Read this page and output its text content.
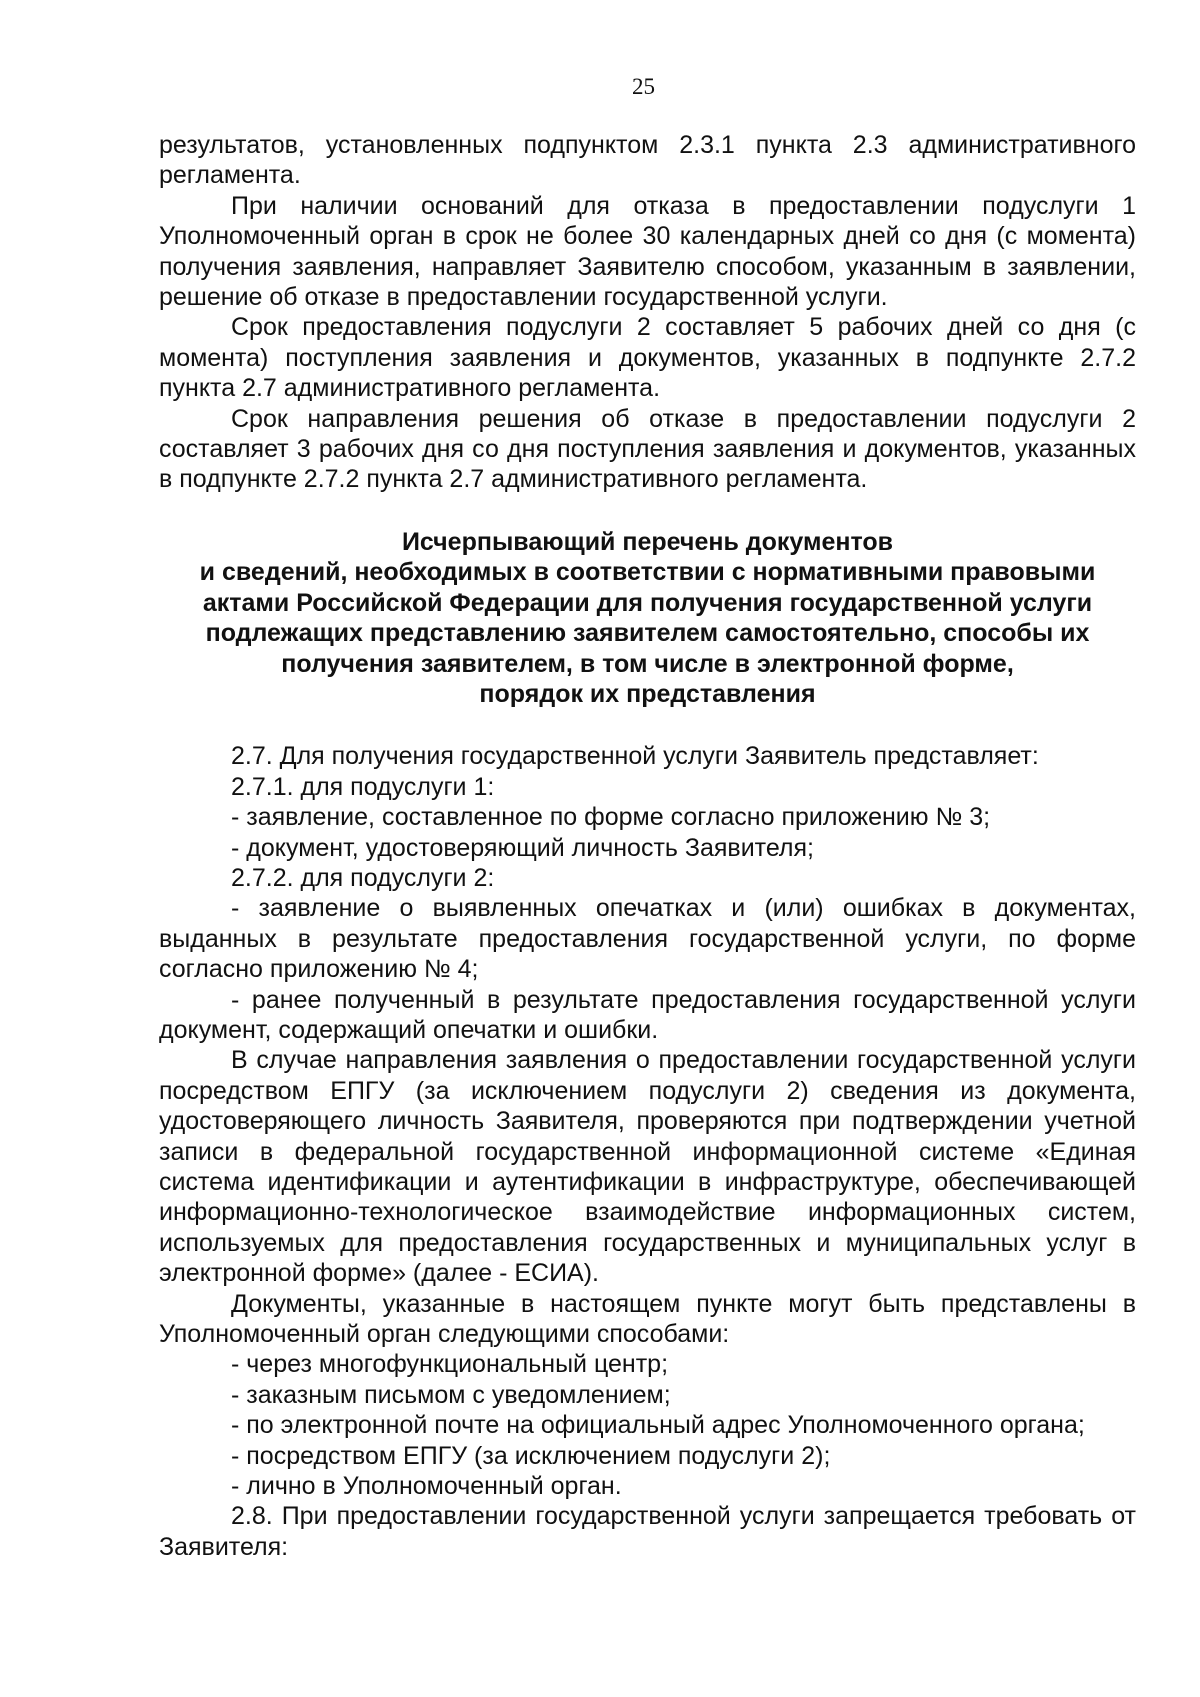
25

результатов, установленных подпунктом 2.3.1 пункта 2.3 административного регламента.

При наличии оснований для отказа в предоставлении подуслуги 1 Уполномоченный орган в срок не более 30 календарных дней со дня (с момента) получения заявления, направляет Заявителю способом, указанным в заявлении, решение об отказе в предоставлении государственной услуги.

Срок предоставления подуслуги 2 составляет 5 рабочих дней со дня (с момента) поступления заявления и документов, указанных в подпункте 2.7.2 пункта 2.7 административного регламента.

Срок направления решения об отказе в предоставлении подуслуги 2 составляет 3 рабочих дня со дня поступления заявления и документов, указанных в подпункте 2.7.2 пункта 2.7 административного регламента.

Исчерпывающий перечень документов
и сведений, необходимых в соответствии с нормативными правовыми
актами Российской Федерации для получения государственной услуги
подлежащих представлению заявителем самостоятельно, способы их
получения заявителем, в том числе в электронной форме,
порядок их представления

2.7. Для получения государственной услуги Заявитель представляет:

2.7.1. для подуслуги 1:

- заявление, составленное по форме согласно приложению № 3;

- документ, удостоверяющий личность Заявителя;

2.7.2. для подуслуги 2:

- заявление о выявленных опечатках и (или) ошибках в документах, выданных в результате предоставления государственной услуги, по форме согласно приложению № 4;

- ранее полученный в результате предоставления государственной услуги документ, содержащий опечатки и ошибки.

В случае направления заявления о предоставлении государственной услуги посредством ЕПГУ (за исключением подуслуги 2) сведения из документа, удостоверяющего личность Заявителя, проверяются при подтверждении учетной записи в федеральной государственной информационной системе «Единая система идентификации и аутентификации в инфраструктуре, обеспечивающей информационно-технологическое взаимодействие информационных систем, используемых для предоставления государственных и муниципальных услуг в электронной форме» (далее - ЕСИА).

Документы, указанные в настоящем пункте могут быть представлены в Уполномоченный орган следующими способами:

- через многофункциональный центр;

- заказным письмом с уведомлением;

- по электронной почте на официальный адрес Уполномоченного органа;

- посредством ЕПГУ (за исключением подуслуги 2);

- лично в Уполномоченный орган.

2.8. При предоставлении государственной услуги запрещается требовать от Заявителя:
